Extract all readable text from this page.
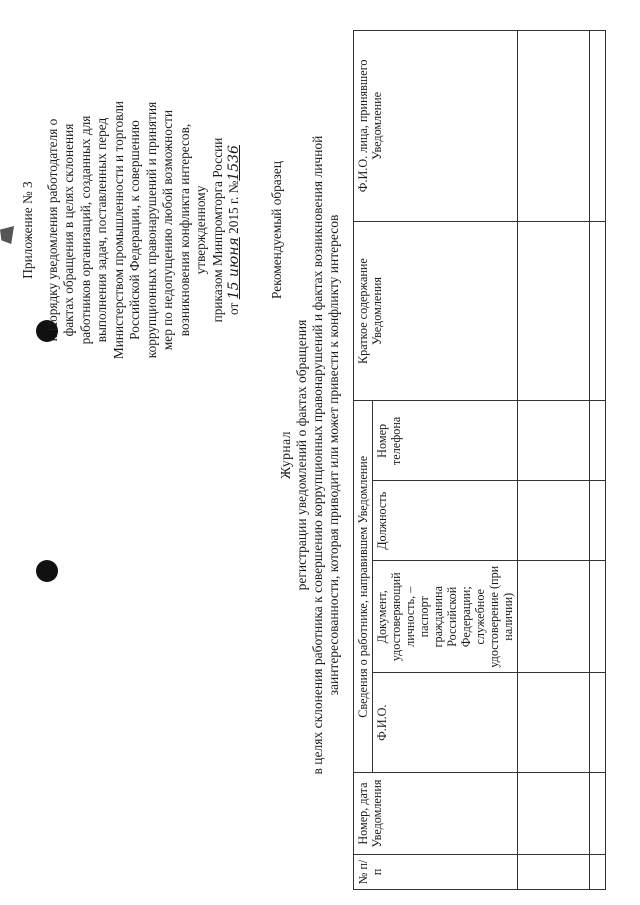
Приложение № 3 к Порядку уведомления работодателя о фактах обращения в целях склонения работников организаций, созданных для выполнения задач, поставленных перед Министерством промышленности и торговли Российской Федерации, к совершению коррупционных правонарушений и принятия мер по недопущению любой возможности возникновения конфликта интересов, утвержденному приказом Минпромторга России от 15 июня 2015 г. №1536 Рекомендуемый образец
Журнал регистрации уведомлений о фактах обращения в целях склонения работника к совершению коррупционных правонарушений и фактах возникновения личной заинтересованности, которая приводит или может привести к конфликту интересов
№ п/п	Номер, дата Уведомления	Сведения о работнике, направившем Уведомление				Краткое содержание Уведомления	Ф.И.О. лица, принявшего Уведомление
		Ф.И.О.	Документ, удостоверяющий личность, – паспорт гражданина Российской Федерации; служебное удостоверение (при наличии)	Должность	Номер телефона		
